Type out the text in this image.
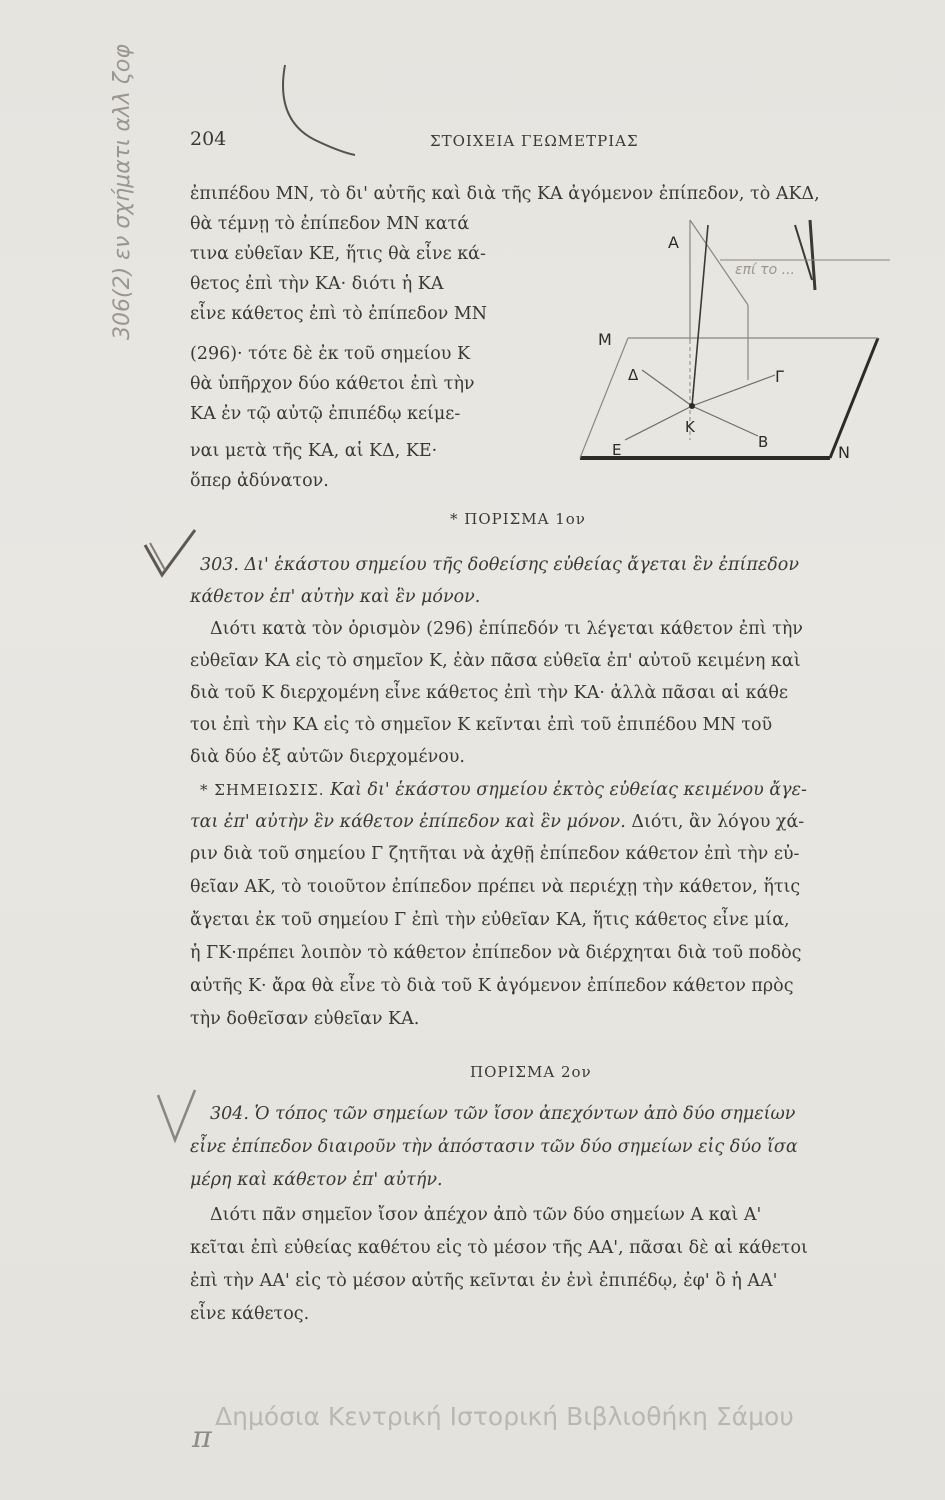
306(2) εν σχήματι αλλ ζοφ	204	ΣΤΟΙΧΕΙΑ ΓΕΩΜΕΤΡΙΑΣ
ἐπιπέδου ΜΝ, τὸ δι' αὐτῆς καὶ διὰ τῆς ΚΑ ἀγόμενον ἐπίπεδον, τὸ ΑΚΔ,
θὰ τέμνῃ τὸ ἐπίπεδον ΜΝ κατά
τινα εὐθεῖαν ΚΕ, ἥτις θὰ εἶνε κά-
θετος ἐπὶ τὴν ΚΑ· διότι ἡ ΚΑ
εἶνε κάθετος ἐπὶ τὸ ἐπίπεδον ΜΝ
(296)· τότε δὲ ἐκ τοῦ σημείου Κ
θὰ ὑπῆρχον δύο κάθετοι ἐπὶ τὴν
ΚΑ ἐν τῷ αὐτῷ ἐπιπέδῳ κείμε-
ναι μετὰ τῆς ΚΑ, αἱ ΚΔ, ΚΕ·
ὅπερ ἀδύνατον.
επί το ...
A
M
Δ	Γ
E
K
B
N
* ΠΟΡΙΣΜΑ 1ον
303. Δι' ἑκάστου σημείου τῆς δοθείσης εὐθείας ἄγεται ἓν ἐπίπεδον
κάθετον ἐπ' αὐτὴν καὶ ἓν μόνον.
Διότι κατὰ τὸν ὁρισμὸν (296) ἐπίπεδόν τι λέγεται κάθετον ἐπὶ τὴν
εὐθεῖαν ΚΑ εἰς τὸ σημεῖον Κ, ἐὰν πᾶσα εὐθεῖα ἐπ' αὐτοῦ κειμένη καὶ
διὰ τοῦ Κ διερχομένη εἶνε κάθετος ἐπὶ τὴν ΚΑ· ἀλλὰ πᾶσαι αἱ κάθε
τοι ἐπὶ τὴν ΚΑ εἰς τὸ σημεῖον Κ κεῖνται ἐπὶ τοῦ ἐπιπέδου ΜΝ τοῦ
διὰ δύο ἐξ αὐτῶν διερχομένου.
* ΣΗΜΕΙΩΣΙΣ. Καὶ δι' ἑκάστου σημείου ἐκτὸς εὐθείας κειμένου ἄγε-
ται ἐπ' αὐτὴν ἓν κάθετον ἐπίπεδον καὶ ἓν μόνον. Διότι, ἂν λόγου χά-
ριν διὰ τοῦ σημείου Γ ζητῆται νὰ ἀχθῇ ἐπίπεδον κάθετον ἐπὶ τὴν εὐ-
θεῖαν ΑΚ, τὸ τοιοῦτον ἐπίπεδον πρέπει νὰ περιέχῃ τὴν κάθετον, ἥτις
ἄγεται ἐκ τοῦ σημείου Γ ἐπὶ τὴν εὐθεῖαν ΚΑ, ἥτις κάθετος εἶνε μία,
ἡ ΓΚ·πρέπει λοιπὸν τὸ κάθετον ἐπίπεδον νὰ διέρχηται διὰ τοῦ ποδὸς
αὐτῆς Κ· ἄρα θὰ εἶνε τὸ διὰ τοῦ Κ ἀγόμενον ἐπίπεδον κάθετον πρὸς
τὴν δοθεῖσαν εὐθεῖαν ΚΑ.
ΠΟΡΙΣΜΑ 2ον
304. Ὁ τόπος τῶν σημείων τῶν ἴσον ἀπεχόντων ἀπὸ δύο σημείων
εἶνε ἐπίπεδον διαιροῦν τὴν ἀπόστασιν τῶν δύο σημείων εἰς δύο ἴσα
μέρη καὶ κάθετον ἐπ' αὐτήν.
Διότι πᾶν σημεῖον ἴσον ἀπέχον ἀπὸ τῶν δύο σημείων Α καὶ Α'
κεῖται ἐπὶ εὐθείας καθέτου εἰς τὸ μέσον τῆς ΑΑ', πᾶσαι δὲ αἱ κάθετοι
ἐπὶ τὴν ΑΑ' εἰς τὸ μέσον αὐτῆς κεῖνται ἐν ἑνὶ ἐπιπέδῳ, ἐφ' ὃ ἡ ΑΑ'
εἶνε κάθετος.
Δημόσια Κεντρική Ιστορική Βιβλιοθήκη Σάμου
π
